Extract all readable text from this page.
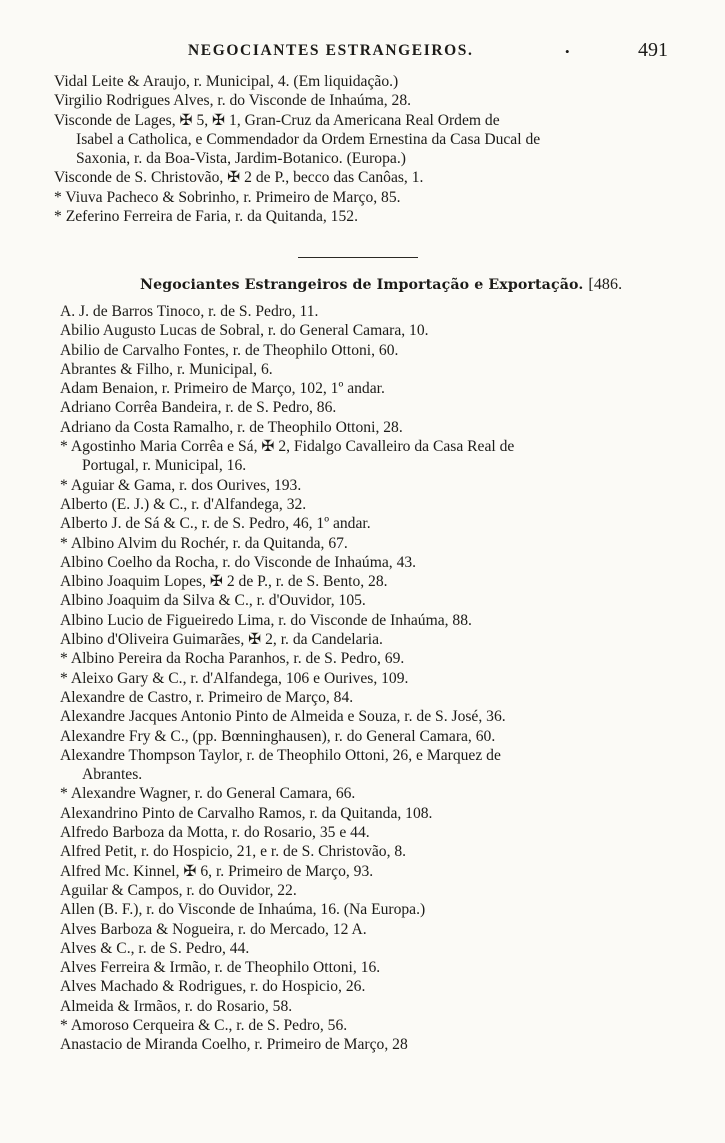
NEGOCIANTES ESTRANGEIROS.	•	491
Vidal Leite & Araujo, r. Municipal, 4. (Em liquidação.)
Virgilio Rodrigues Alves, r. do Visconde de Inhaúma, 28.
Visconde de Lages, ✠ 5, ✠ 1, Gran-Cruz da Americana Real Ordem de
Isabel a Catholica, e Commendador da Ordem Ernestina da Casa Ducal de
Saxonia, r. da Boa-Vista, Jardim-Botanico. (Europa.)
Visconde de S. Christovão, ✠ 2 de P., becco das Canôas, 1.
* Viuva Pacheco & Sobrinho, r. Primeiro de Março, 85.
* Zeferino Ferreira de Faria, r. da Quitanda, 152.
Negociantes Estrangeiros de Importação e Exportação. [486.
A. J. de Barros Tinoco, r. de S. Pedro, 11.
Abilio Augusto Lucas de Sobral, r. do General Camara, 10.
Abilio de Carvalho Fontes, r. de Theophilo Ottoni, 60.
Abrantes & Filho, r. Municipal, 6.
Adam Benaion, r. Primeiro de Março, 102, 1º andar.
Adriano Corrêa Bandeira, r. de S. Pedro, 86.
Adriano da Costa Ramalho, r. de Theophilo Ottoni, 28.
* Agostinho Maria Corrêa e Sá, ✠ 2, Fidalgo Cavalleiro da Casa Real de
Portugal, r. Municipal, 16.
* Aguiar & Gama, r. dos Ourives, 193.
Alberto (E. J.) & C., r. d'Alfandega, 32.
Alberto J. de Sá & C., r. de S. Pedro, 46, 1º andar.
* Albino Alvim du Rochér, r. da Quitanda, 67.
Albino Coelho da Rocha, r. do Visconde de Inhaúma, 43.
Albino Joaquim Lopes, ✠ 2 de P., r. de S. Bento, 28.
Albino Joaquim da Silva & C., r. d'Ouvidor, 105.
Albino Lucio de Figueiredo Lima, r. do Visconde de Inhaúma, 88.
Albino d'Oliveira Guimarães, ✠ 2, r. da Candelaria.
* Albino Pereira da Rocha Paranhos, r. de S. Pedro, 69.
* Aleixo Gary & C., r. d'Alfandega, 106 e Ourives, 109.
Alexandre de Castro, r. Primeiro de Março, 84.
Alexandre Jacques Antonio Pinto de Almeida e Souza, r. de S. José, 36.
Alexandre Fry & C., (pp. Bœnninghausen), r. do General Camara, 60.
Alexandre Thompson Taylor, r. de Theophilo Ottoni, 26, e Marquez de
Abrantes.
* Alexandre Wagner, r. do General Camara, 66.
Alexandrino Pinto de Carvalho Ramos, r. da Quitanda, 108.
Alfredo Barboza da Motta, r. do Rosario, 35 e 44.
Alfred Petit, r. do Hospicio, 21, e r. de S. Christovão, 8.
Alfred Mc. Kinnel, ✠ 6, r. Primeiro de Março, 93.
Aguilar & Campos, r. do Ouvidor, 22.
Allen (B. F.), r. do Visconde de Inhaúma, 16. (Na Europa.)
Alves Barboza & Nogueira, r. do Mercado, 12 A.
Alves & C., r. de S. Pedro, 44.
Alves Ferreira & Irmão, r. de Theophilo Ottoni, 16.
Alves Machado & Rodrigues, r. do Hospicio, 26.
Almeida & Irmãos, r. do Rosario, 58.
* Amoroso Cerqueira & C., r. de S. Pedro, 56.
Anastacio de Miranda Coelho, r. Primeiro de Março, 28
